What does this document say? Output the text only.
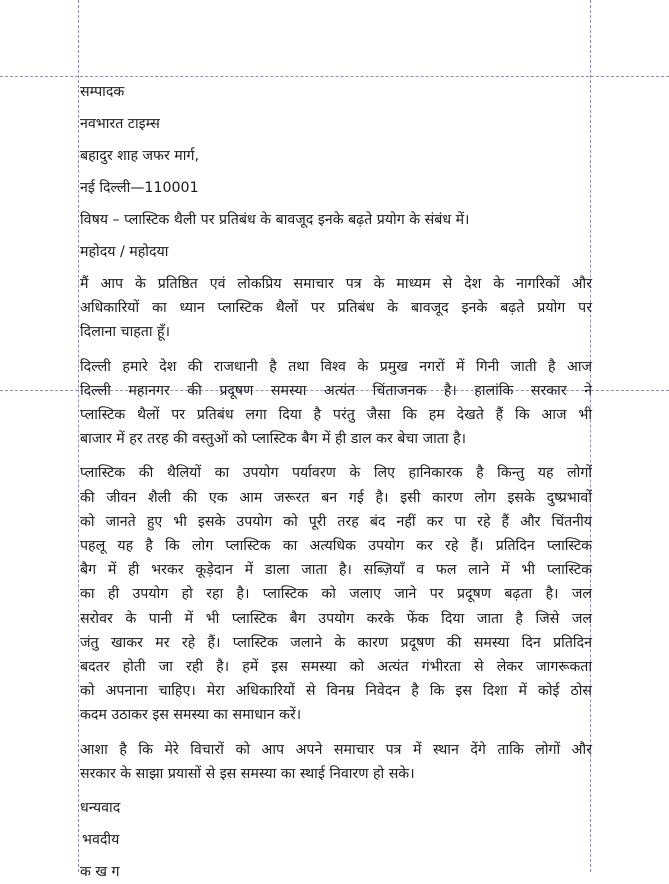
सम्पादक
नवभारत टाइम्स
बहादुर शाह जफर मार्ग,
नई दिल्ली—110001
विषय – प्लास्टिक थैली पर प्रतिबंध के बावजूद इनके बढ़ते प्रयोग के संबंध में।
महोदय / महोदया
मैं आप के प्रतिष्ठित एवं लोकप्रिय समाचार पत्र के माध्यम से देश के नागरिकों और
अधिकारियों का ध्यान प्लास्टिक थैलों पर प्रतिबंध के बावजूद इनके बढ़ते प्रयोग पर
दिलाना चाहता हूँ।
दिल्ली हमारे देश की राजधानी है तथा विश्व के प्रमुख नगरों में गिनी जाती है आज
दिल्ली महानगर की प्रदूषण समस्या अत्यंत चिंताजनक है। हालांकि सरकार ने
प्लास्टिक थैलों पर प्रतिबंध लगा दिया है परंतु जैसा कि हम देखते हैं कि आज भी
बाजार में हर तरह की वस्तुओं को प्लास्टिक बैग में ही डाल कर बेचा जाता है।
प्लास्टिक की थैलियों का उपयोग पर्यावरण के लिए हानिकारक है किन्तु यह लोगों
की जीवन शैली की एक आम जरूरत बन गई है। इसी कारण लोग इसके दुष्प्रभावों
को जानते हुए भी इसके उपयोग को पूरी तरह बंद नहीं कर पा रहे हैं और चिंतनीय
पहलू यह है कि लोग प्लास्टिक का अत्यधिक उपयोग कर रहे हैं। प्रतिदिन प्लास्टिक
बैग में ही भरकर कूड़ेदान में डाला जाता है। सब्ज़ियाँ व फल लाने में भी प्लास्टिक
का ही उपयोग हो रहा है। प्लास्टिक को जलाए जाने पर प्रदूषण बढ़ता है। जल
सरोवर के पानी में भी प्लास्टिक बैग उपयोग करके फेंक दिया जाता है जिसे जल
जंतु खाकर मर रहे हैं। प्लास्टिक जलाने के कारण प्रदूषण की समस्या दिन प्रतिदिन
बदतर होती जा रही है। हमें इस समस्या को अत्यंत गंभीरता से लेकर जागरूकता
को अपनाना चाहिए। मेरा अधिकारियों से विनम्र निवेदन है कि इस दिशा में कोई ठोस
कदम उठाकर इस समस्या का समाधान करें।
आशा है कि मेरे विचारों को आप अपने समाचार पत्र में स्थान देंगे ताकि लोगों और
सरकार के साझा प्रयासों से इस समस्या का स्थाई निवारण हो सके।
धन्यवाद
भवदीय
क ख ग
